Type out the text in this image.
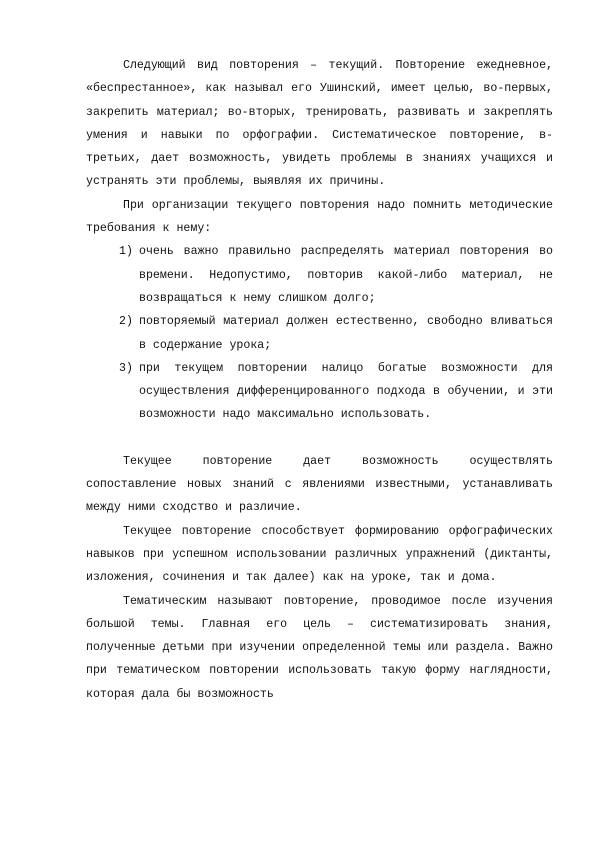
Следующий вид повторения – текущий. Повторение ежедневное, «беспрестанное», как называл его Ушинский, имеет целью, во-первых, закрепить материал; во-вторых, тренировать, развивать и закреплять умения и навыки по орфографии. Систематическое повторение, в-третьих, дает возможность, увидеть проблемы в знаниях учащихся и устранять эти проблемы, выявляя их причины.

При организации текущего повторения надо помнить методические требования к нему:

1) очень важно правильно распределять материал повторения во времени. Недопустимо, повторив какой-либо материал, не возвращаться к нему слишком долго;
2) повторяемый материал должен естественно, свободно вливаться в содержание урока;
3) при текущем повторении налицо богатые возможности для осуществления дифференцированного подхода в обучении, и эти возможности надо максимально использовать.

Текущее повторение дает возможность осуществлять сопоставление новых знаний с явлениями известными, устанавливать между ними сходство и различие.

Текущее повторение способствует формированию орфографических навыков при успешном использовании различных упражнений (диктанты, изложения, сочинения и так далее) как на уроке, так и дома.

Тематическим называют повторение, проводимое после изучения большой темы. Главная его цель – систематизировать знания, полученные детьми при изучении определенной темы или раздела. Важно при тематическом повторении использовать такую форму наглядности, которая дала бы возможность
